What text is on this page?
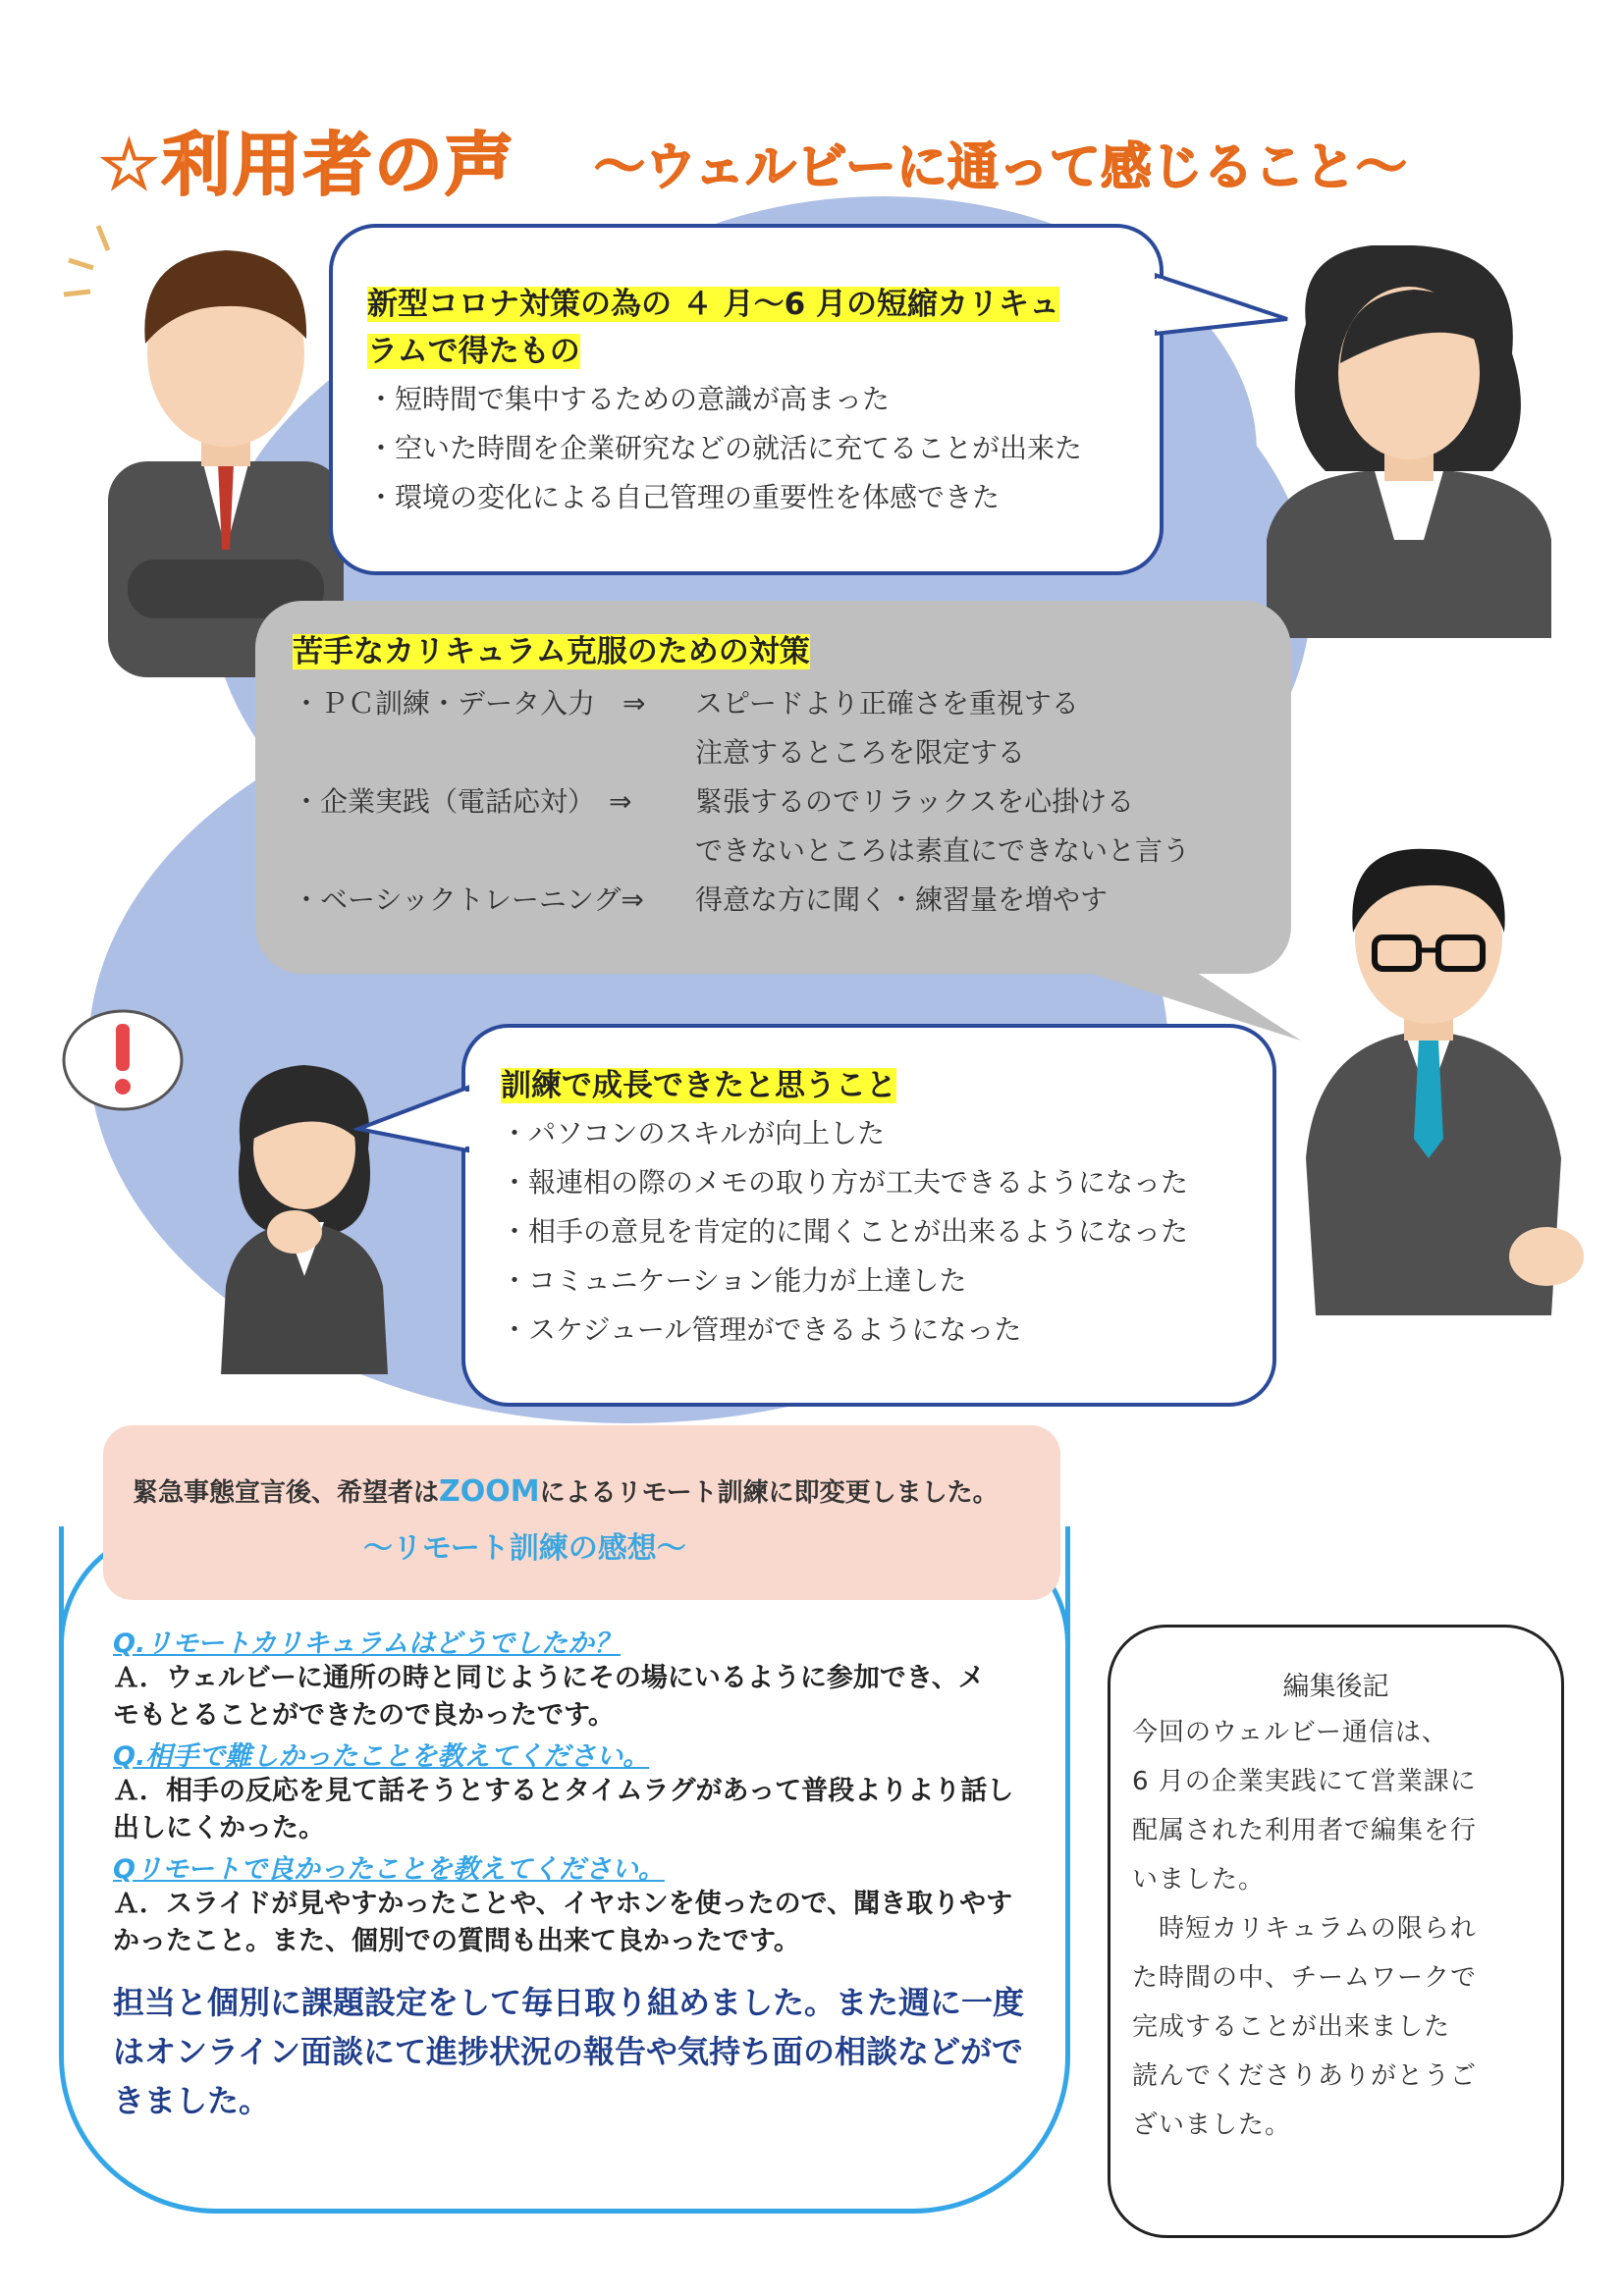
☆利用者の声 ～ウェルビーに通って感じること～
新型コロナ対策の為の ４ 月～6 月の短縮カリキュ
ラムで得たもの
・短時間で集中するための意識が高まった
・空いた時間を企業研究などの就活に充てることが出来た
・環境の変化による自己管理の重要性を体感できた
苦手なカリキュラム克服のための対策
・ＰＣ訓練・データ入力　⇒ スピードより正確さを重視する
注意するところを限定する
・企業実践（電話応対）　⇒ 緊張するのでリラックスを心掛ける
できないところは素直にできないと言う
・ベーシックトレーニング⇒ 得意な方に聞く・練習量を増やす
訓練で成長できたと思うこと
・パソコンのスキルが向上した
・報連相の際のメモの取り方が工夫できるようになった
・相手の意見を肯定的に聞くことが出来るようになった
・コミュニケーション能力が上達した
・スケジュール管理ができるようになった
緊急事態宣言後、希望者はZOOMによるリモート訓練に即変更しました。
～リモート訓練の感想～
Q.リモートカリキュラムはどうでしたか？
Ａ．ウェルビーに通所の時と同じようにその場にいるように参加でき、メモもとることができたので良かったです。
Q.相手で難しかったことを教えてください。
Ａ．相手の反応を見て話そうとするとタイムラグがあって普段よりより話し出しにくかった。
Qリモートで良かったことを教えてください。
Ａ．スライドが見やすかったことや、イヤホンを使ったので、聞き取りやすかったこと。また、個別での質問も出来て良かったです。
担当と個別に課題設定をして毎日取り組めました。また週に一度はオンライン面談にて進捗状況の報告や気持ち面の相談などができました。
編集後記
今回のウェルビー通信は、
6 月の企業実践にて営業課に
配属された利用者で編集を行
いました。
　時短カリキュラムの限られ
た時間の中、チームワークで
完成することが出来ました
読んでくださりありがとうご
ざいました。
